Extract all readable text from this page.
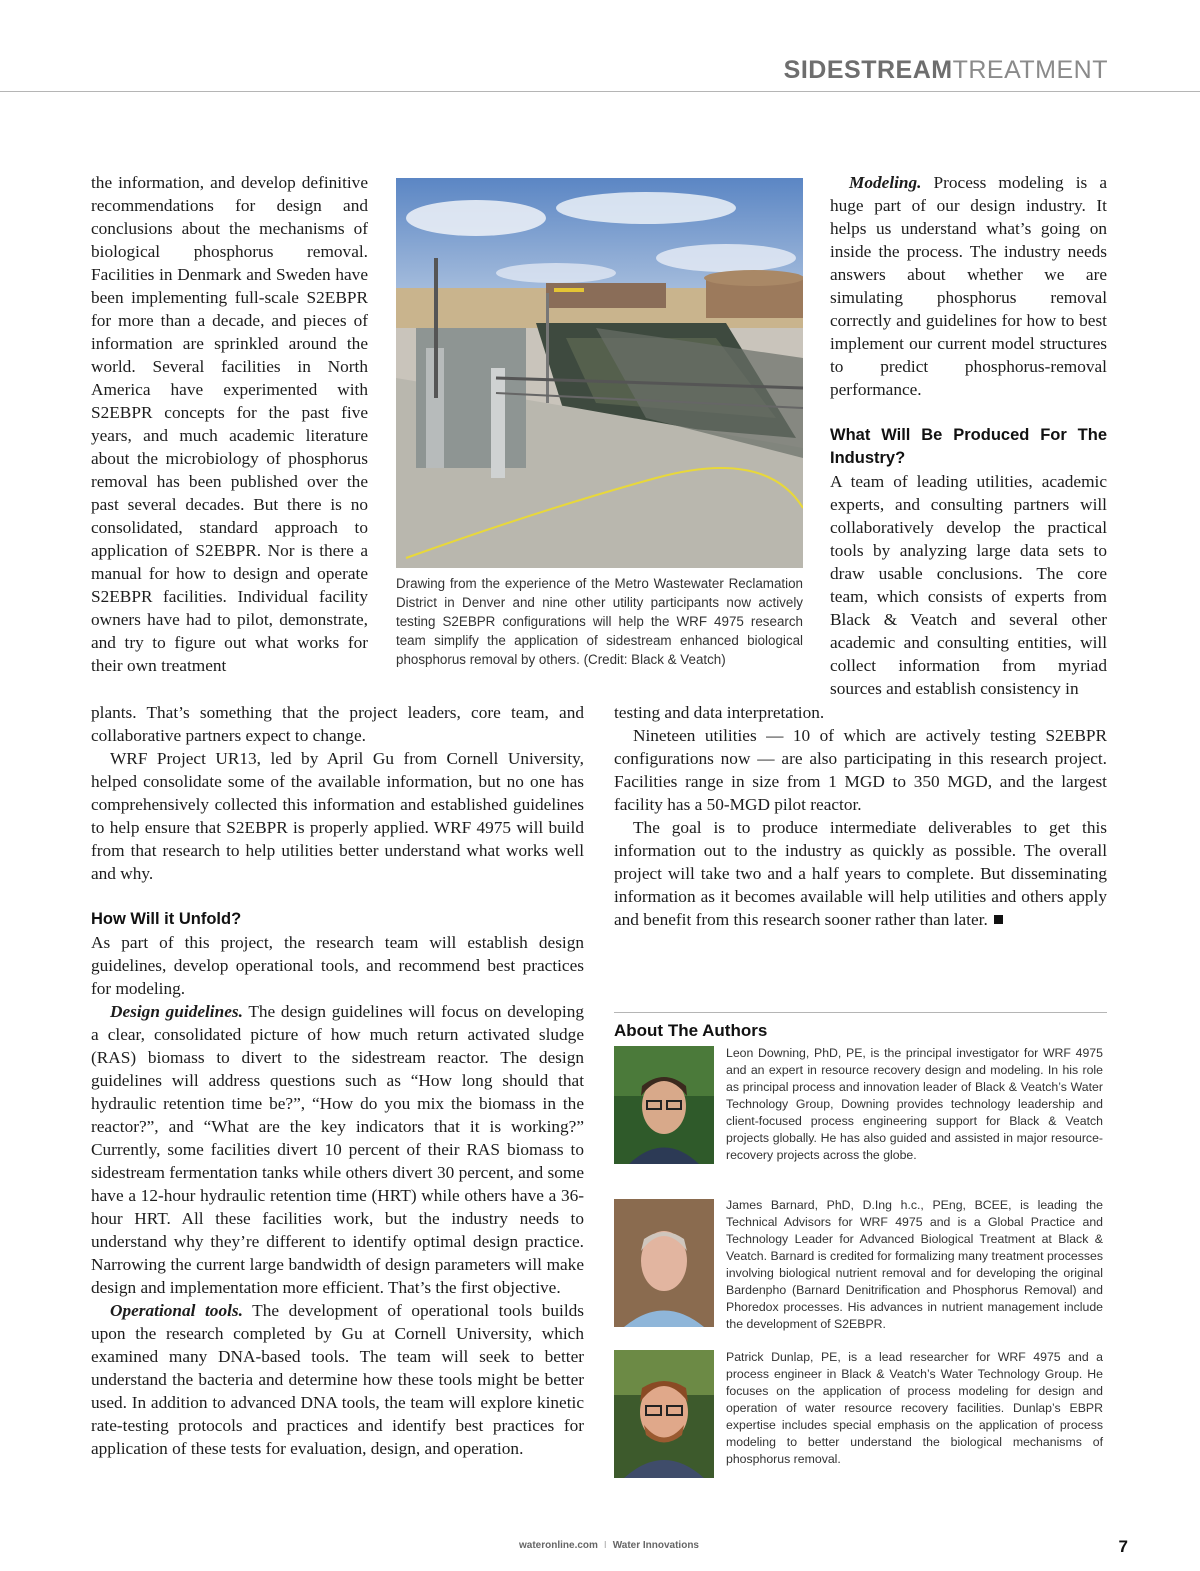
SIDESTREAMTREATMENT

the information, and develop definitive recommendations for design and conclusions about the mechanisms of biological phosphorus removal. Facilities in Denmark and Sweden have been implementing full-scale S2EBPR for more than a decade, and pieces of information are sprinkled around the world. Several facilities in North America have experimented with S2EBPR concepts for the past five years, and much academic literature about the microbiology of phosphorus removal has been published over the past several decades. But there is no consolidated, standard approach to application of S2EBPR. Nor is there a manual for how to design and operate S2EBPR facilities. Individual facility owners have had to pilot, demonstrate, and try to figure out what works for their own treatment

Drawing from the experience of the Metro Wastewater Reclamation District in Denver and nine other utility participants now actively testing S2EBPR configurations will help the WRF 4975 research team simplify the application of sidestream enhanced biological phosphorus removal by others. (Credit: Black & Veatch)

plants. That’s something that the project leaders, core team, and collaborative partners expect to change.

WRF Project UR13, led by April Gu from Cornell University, helped consolidate some of the available information, but no one has comprehensively collected this information and established guidelines to help ensure that S2EBPR is properly applied. WRF 4975 will build from that research to help utilities better understand what works well and why.

How Will it Unfold?

As part of this project, the research team will establish design guidelines, develop operational tools, and recommend best practices for modeling.

Design guidelines. The design guidelines will focus on developing a clear, consolidated picture of how much return activated sludge (RAS) biomass to divert to the sidestream reactor. The design guidelines will address questions such as “How long should that hydraulic retention time be?”, “How do you mix the biomass in the reactor?”, and “What are the key indicators that it is working?” Currently, some facilities divert 10 percent of their RAS biomass to sidestream fermentation tanks while others divert 30 percent, and some have a 12-hour hydraulic retention time (HRT) while others have a 36-hour HRT. All these facilities work, but the industry needs to understand why they’re different to identify optimal design practice. Narrowing the current large bandwidth of design parameters will make design and implementation more efficient. That’s the first objective.

Operational tools. The development of operational tools builds upon the research completed by Gu at Cornell University, which examined many DNA-based tools. The team will seek to better understand the bacteria and determine how these tools might be better used. In addition to advanced DNA tools, the team will explore kinetic rate-testing protocols and practices and identify best practices for application of these tests for evaluation, design, and operation.

Modeling. Process modeling is a huge part of our design industry. It helps us understand what’s going on inside the process. The industry needs answers about whether we are simulating phosphorus removal correctly and guidelines for how to best implement our current model structures to predict phosphorus-removal performance.

What Will Be Produced For The Industry?

A team of leading utilities, academic experts, and consulting partners will collaboratively develop the practical tools by analyzing large data sets to draw usable conclusions. The core team, which consists of experts from Black & Veatch and several other academic and consulting entities, will collect information from myriad sources and establish consistency in

testing and data interpretation.

Nineteen utilities — 10 of which are actively testing S2EBPR configurations now — are also participating in this research project. Facilities range in size from 1 MGD to 350 MGD, and the largest facility has a 50-MGD pilot reactor.

The goal is to produce intermediate deliverables to get this information out to the industry as quickly as possible. The overall project will take two and a half years to complete. But disseminating information as it becomes available will help utilities and others apply and benefit from this research sooner rather than later.

About The Authors

Leon Downing, PhD, PE, is the principal investigator for WRF 4975 and an expert in resource recovery design and modeling. In his role as principal process and innovation leader of Black & Veatch’s Water Technology Group, Downing provides technology leadership and client-focused process engineering support for Black & Veatch projects globally. He has also guided and assisted in major resource-recovery projects across the globe.

James Barnard, PhD, D.Ing h.c., PEng, BCEE, is leading the Technical Advisors for WRF 4975 and is a Global Practice and Technology Leader for Advanced Biological Treatment at Black & Veatch. Barnard is credited for formalizing many treatment processes involving biological nutrient removal and for developing the original Bardenpho (Barnard Denitrification and Phosphorus Removal) and Phoredox processes. His advances in nutrient management include the development of S2EBPR.

Patrick Dunlap, PE, is a lead researcher for WRF 4975 and a process engineer in Black & Veatch’s Water Technology Group. He focuses on the application of process modeling for design and operation of water resource recovery facilities. Dunlap’s EBPR expertise includes special emphasis on the application of process modeling to better understand the biological mechanisms of phosphorus removal.

wateronline.com I Water Innovations	7
